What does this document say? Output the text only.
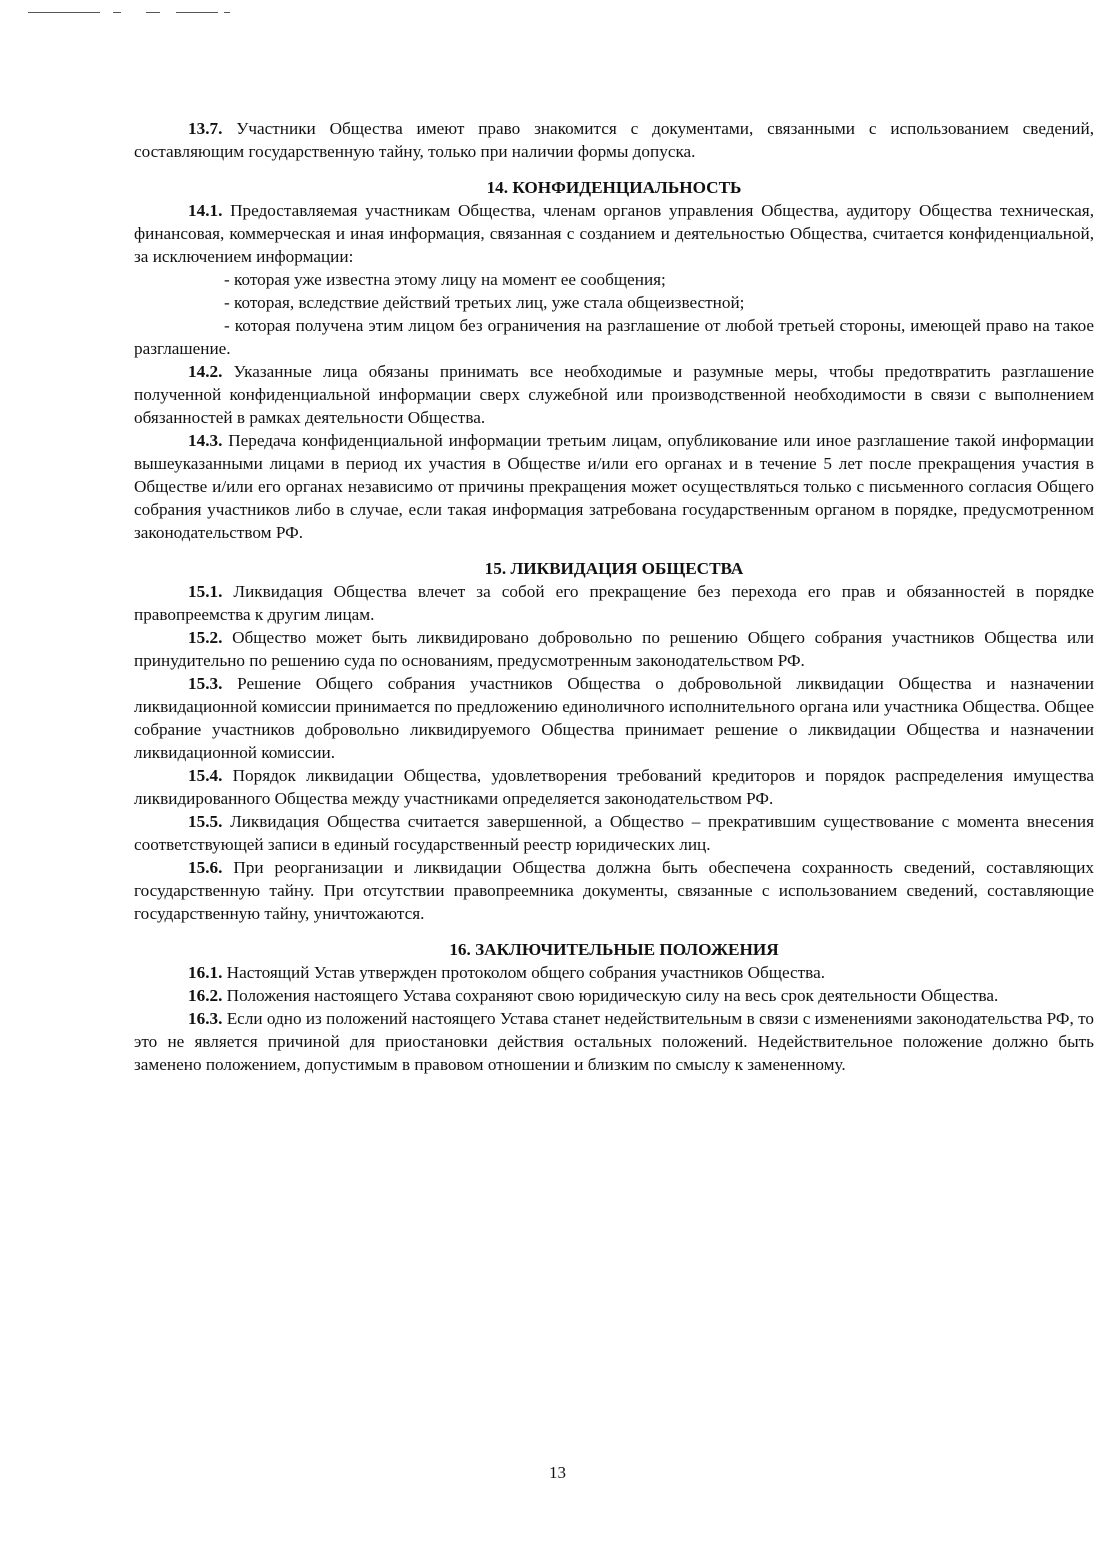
13.7. Участники Общества имеют право знакомится с документами, связанными с использованием сведений, составляющим государственную тайну, только при наличии формы допуска.

14. КОНФИДЕНЦИАЛЬНОСТЬ

14.1. Предоставляемая участникам Общества, членам органов управления Общества, аудитору Общества техническая, финансовая, коммерческая и иная информация, связанная с созданием и деятельностью Общества, считается конфиденциальной, за исключением информации:

- которая уже известна этому лицу на момент ее сообщения;

- которая, вследствие действий третьих лиц, уже стала общеизвестной;

- которая получена этим лицом без ограничения на разглашение от любой третьей стороны, имеющей право на такое разглашение.

14.2. Указанные лица обязаны принимать все необходимые и разумные меры, чтобы предотвратить разглашение полученной конфиденциальной информации сверх служебной или производственной необходимости в связи с выполнением обязанностей в рамках деятельности Общества.

14.3. Передача конфиденциальной информации третьим лицам, опубликование или иное разглашение такой информации вышеуказанными лицами в период их участия в Обществе и/или его органах и в течение 5 лет после прекращения участия в Обществе и/или его органах независимо от причины прекращения может осуществляться только с письменного согласия Общего собрания участников либо в случае, если такая информация затребована государственным органом в порядке, предусмотренном законодательством РФ.

15. ЛИКВИДАЦИЯ ОБЩЕСТВА

15.1. Ликвидация Общества влечет за собой его прекращение без перехода его прав и обязанностей в порядке правопреемства к другим лицам.

15.2. Общество может быть ликвидировано добровольно по решению Общего собрания участников Общества или принудительно по решению суда по основаниям, предусмотренным законодательством РФ.

15.3. Решение Общего собрания участников Общества о добровольной ликвидации Общества и назначении ликвидационной комиссии принимается по предложению единоличного исполнительного органа или участника Общества. Общее собрание участников добровольно ликвидируемого Общества принимает решение о ликвидации Общества и назначении ликвидационной комиссии.

15.4. Порядок ликвидации Общества, удовлетворения требований кредиторов и порядок распределения имущества ликвидированного Общества между участниками определяется законодательством РФ.

15.5. Ликвидация Общества считается завершенной, а Общество – прекратившим существование с момента внесения соответствующей записи в единый государственный реестр юридических лиц.

15.6. При реорганизации и ликвидации Общества должна быть обеспечена сохранность сведений, составляющих государственную тайну. При отсутствии правопреемника документы, связанные с использованием сведений, составляющие государственную тайну, уничтожаются.

16. ЗАКЛЮЧИТЕЛЬНЫЕ ПОЛОЖЕНИЯ

16.1. Настоящий Устав утвержден протоколом общего собрания участников Общества.

16.2. Положения настоящего Устава сохраняют свою юридическую силу на весь срок деятельности Общества.

16.3. Если одно из положений настоящего Устава станет недействительным в связи с изменениями законодательства РФ, то это не является причиной для приостановки действия остальных положений. Недействительное положение должно быть заменено положением, допустимым в правовом отношении и близким по смыслу к замененному.

13
